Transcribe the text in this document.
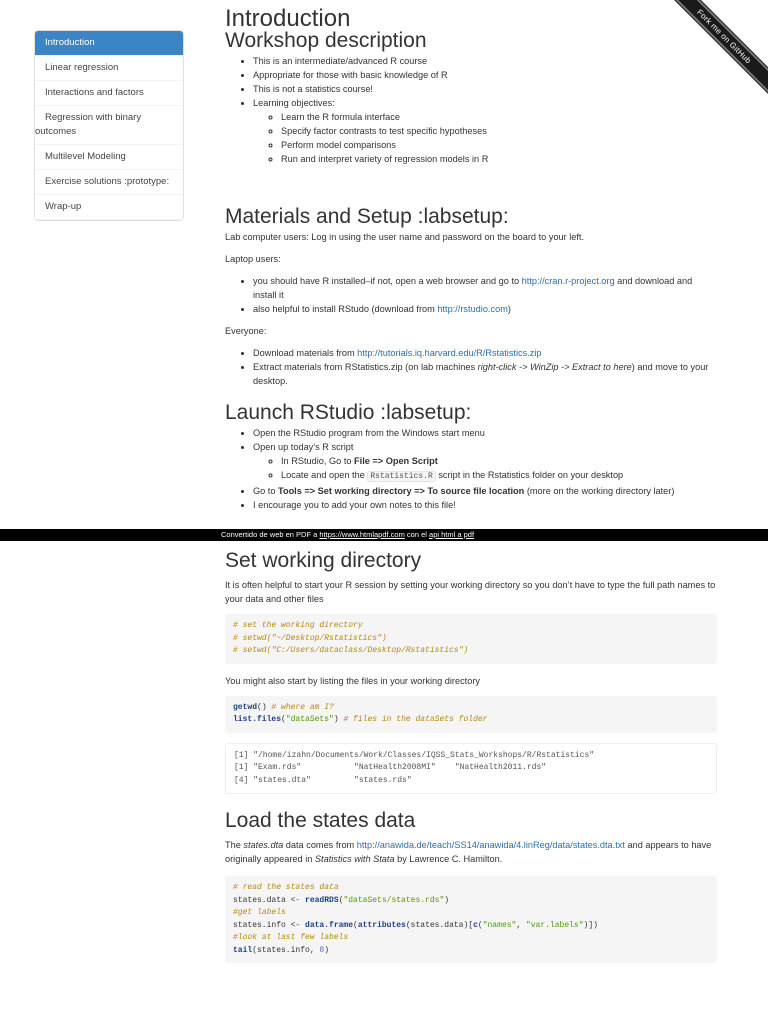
Introduction
Linear regression
Interactions and factors
Regression with binary
outcomes
Multilevel Modeling
Exercise solutions :prototype:
Wrap-up
Fork me on GitHub
Introduction
Workshop description
• This is an intermediate/advanced R course
• Appropriate for those with basic knowledge of R
• This is not a statistics course!
• Learning objectives:
◦ Learn the R formula interface
◦ Specify factor contrasts to test specific hypotheses
◦ Perform model comparisons
◦ Run and interpret variety of regression models in R
Materials and Setup :labsetup:

Lab computer users: Log in using the user name and password on the board to your left.

Laptop users:

• you should have R installed–if not, open a web browser and go to http://cran.r-project.org and download and install it
• also helpful to install RStudo (download from http://rstudio.com)

Everyone:

• Download materials from http://tutorials.iq.harvard.edu/R/Rstatistics.zip
• Extract materials from RStatistics.zip (on lab machines right-click -> WinZip -> Extract to here) and move to your desktop.
Launch RStudio :labsetup:
• Open the RStudio program from the Windows start menu
• Open up today’s R script
◦ In RStudio, Go to File => Open Script
◦ Locate and open the Rstatistics.R script in the Rstatistics folder on your desktop
• Go to Tools => Set working directory => To source file location (more on the working directory later)
• I encourage you to add your own notes to this file!
Convertido de web en PDF a https://www.htmlapdf.com con el api html a pdf
Set working directory

It is often helpful to start your R session by setting your working directory so you don’t have to type the full path names to your data and other files

# set the working directory
# setwd("~/Desktop/Rstatistics")
# setwd("C:/Users/dataclass/Desktop/Rstatistics")

You might also start by listing the files in your working directory

getwd() # where am I?
list.files("dataSets") # files in the dataSets folder
[1] "/home/izahn/Documents/Work/Classes/IQSS_Stats_Workshops/R/Rstatistics"
[1] "Exam.rds"           "NatHealth2008MI"    "NatHealth2011.rds"
[4] "states.dta"         "states.rds"
Load the states data

The states.dta data comes from http://anawida.de/teach/SS14/anawida/4.linReg/data/states.dta.txt and appears to have originally appeared in Statistics with Stata by Lawrence C. Hamilton.

# read the states data
states.data <- readRDS("dataSets/states.rds")
#get labels
states.info <- data.frame(attributes(states.data)[c("names", "var.labels")])
#look at last few labels
tail(states.info, 8)
